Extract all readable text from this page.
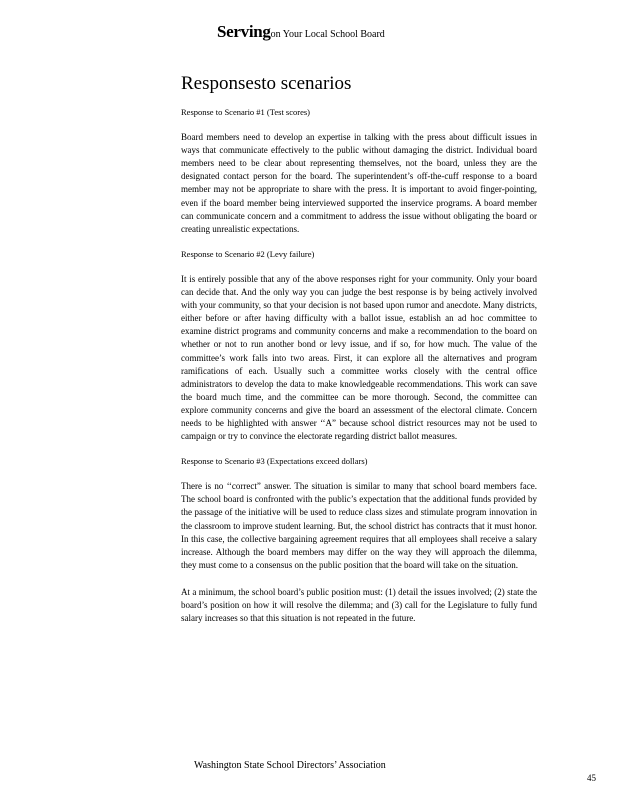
Servingon Your Local School Board
Responsesto scenarios

Response to Scenario #1 (Test scores)

Board members need to develop an expertise in talking with the press about difficult issues in ways that communicate effectively to the public without damaging the district. Individual board members need to be clear about representing themselves, not the board, unless they are the designated contact person for the board. The superintendent’s off-the-cuff response to a board member may not be appropriate to share with the press. It is important to avoid finger-pointing, even if the board member being interviewed supported the inservice programs. A board member can communicate concern and a commitment to address the issue without obligating the board or creating unrealistic expectations.

Response to Scenario #2 (Levy failure)

It is entirely possible that any of the above responses right for your community. Only your board can decide that. And the only way you can judge the best response is by being actively involved with your community, so that your decision is not based upon rumor and anecdote. Many districts, either before or after having difficulty with a ballot issue, establish an ad hoc committee to examine district programs and community concerns and make a recommendation to the board on whether or not to run another bond or levy issue, and if so, for how much. The value of the committee’s work falls into two areas. First, it can explore all the alternatives and program ramifications of each. Usually such a committee works closely with the central office administrators to develop the data to make knowledgeable recommendations. This work can save the board much time, and the committee can be more thorough. Second, the committee can explore community concerns and give the board an assessment of the electoral climate. Concern needs to be highlighted with answer ‘‘A” because school district resources may not be used to campaign or try to convince the electorate regarding district ballot measures.

Response to Scenario #3 (Expectations exceed dollars)

There is no ‘‘correct” answer. The situation is similar to many that school board members face. The school board is confronted with the public’s expectation that the additional funds provided by the passage of the initiative will be used to reduce class sizes and stimulate program innovation in the classroom to improve student learning. But, the school district has contracts that it must honor. In this case, the collective bargaining agreement requires that all employees shall receive a salary increase. Although the board members may differ on the way they will approach the dilemma, they must come to a consensus on the public position that the board will take on the situation.

At a minimum, the school board’s public position must: (1) detail the issues involved; (2) state the board’s position on how it will resolve the dilemma; and (3) call for the Legislature to fully fund salary increases so that this situation is not repeated in the future.

Washington State School Directors’ Association
45
